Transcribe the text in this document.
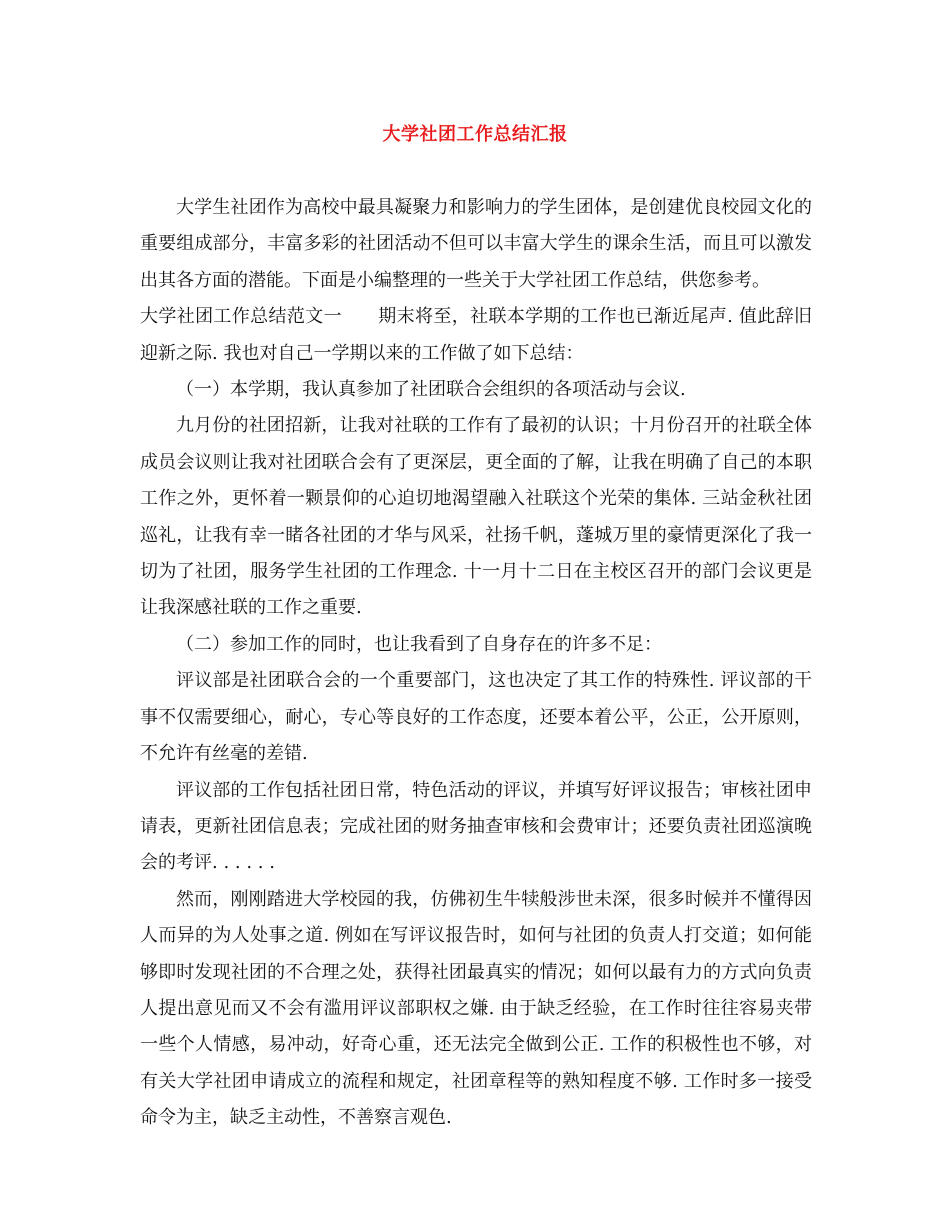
大学社团工作总结汇报

大学生社团作为高校中最具凝聚力和影响力的学生团体，是创建优良校园文化的重要组成部分，丰富多彩的社团活动不但可以丰富大学生的课余生活，而且可以激发出其各方面的潜能。下面是小编整理的一些关于大学社团工作总结，供您参考。

大学社团工作总结范文一 期末将至，社联本学期的工作也已渐近尾声. 值此辞旧迎新之际. 我也对自己一学期以来的工作做了如下总结：

（一）本学期，我认真参加了社团联合会组织的各项活动与会议.

九月份的社团招新，让我对社联的工作有了最初的认识；十月份召开的社联全体成员会议则让我对社团联合会有了更深层，更全面的了解，让我在明确了自己的本职工作之外，更怀着一颗景仰的心迫切地渴望融入社联这个光荣的集体. 三站金秋社团巡礼，让我有幸一睹各社团的才华与风采，社扬千帆，蓬城万里的豪情更深化了我一切为了社团，服务学生社团的工作理念. 十一月十二日在主校区召开的部门会议更是让我深感社联的工作之重要.

（二）参加工作的同时，也让我看到了自身存在的许多不足：

评议部是社团联合会的一个重要部门，这也决定了其工作的特殊性. 评议部的干事不仅需要细心，耐心，专心等良好的工作态度，还要本着公平，公正，公开原则，不允许有丝毫的差错.

评议部的工作包括社团日常，特色活动的评议，并填写好评议报告；审核社团申请表，更新社团信息表；完成社团的财务抽查审核和会费审计；还要负责社团巡演晚会的考评. . . . . .

然而，刚刚踏进大学校园的我，仿佛初生牛犊般涉世未深，很多时候并不懂得因人而异的为人处事之道. 例如在写评议报告时，如何与社团的负责人打交道；如何能够即时发现社团的不合理之处，获得社团最真实的情况；如何以最有力的方式向负责人提出意见而又不会有滥用评议部职权之嫌. 由于缺乏经验，在工作时往往容易夹带一些个人情感，易冲动，好奇心重，还无法完全做到公正. 工作的积极性也不够，对有关大学社团申请成立的流程和规定，社团章程等的熟知程度不够. 工作时多一接受命令为主，缺乏主动性，不善察言观色.
